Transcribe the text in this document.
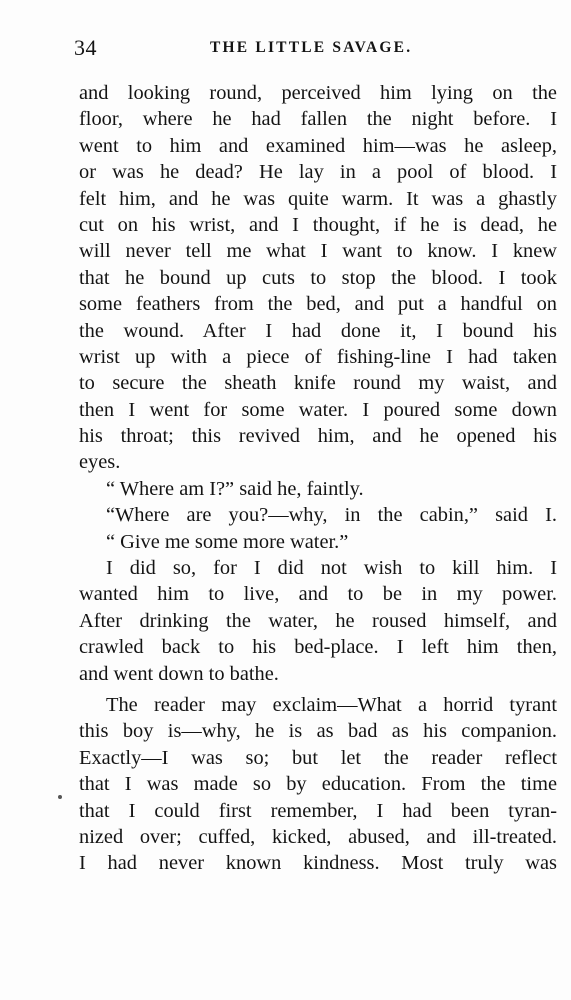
34	THE LITTLE SAVAGE.
and looking round, perceived him lying on the
floor, where he had fallen the night before. I
went to him and examined him—was he asleep,
or was he dead? He lay in a pool of blood. I
felt him, and he was quite warm. It was a ghastly
cut on his wrist, and I thought, if he is dead, he
will never tell me what I want to know. I knew
that he bound up cuts to stop the blood. I took
some feathers from the bed, and put a handful on
the wound. After I had done it, I bound his
wrist up with a piece of fishing-line I had taken
to secure the sheath knife round my waist, and
then I went for some water. I poured some down
his throat; this revived him, and he opened his
eyes.
“ Where am I?” said he, faintly.
“Where are you?—why, in the cabin,” said I.
“ Give me some more water.”
I did so, for I did not wish to kill him. I
wanted him to live, and to be in my power.
After drinking the water, he roused himself, and
crawled back to his bed-place. I left him then,
and went down to bathe.
The reader may exclaim—What a horrid tyrant
this boy is—why, he is as bad as his companion.
Exactly—I was so; but let the reader reflect
that I was made so by education. From the time
that I could first remember, I had been tyran-
nized over; cuffed, kicked, abused, and ill-treated.
I had never known kindness. Most truly was
